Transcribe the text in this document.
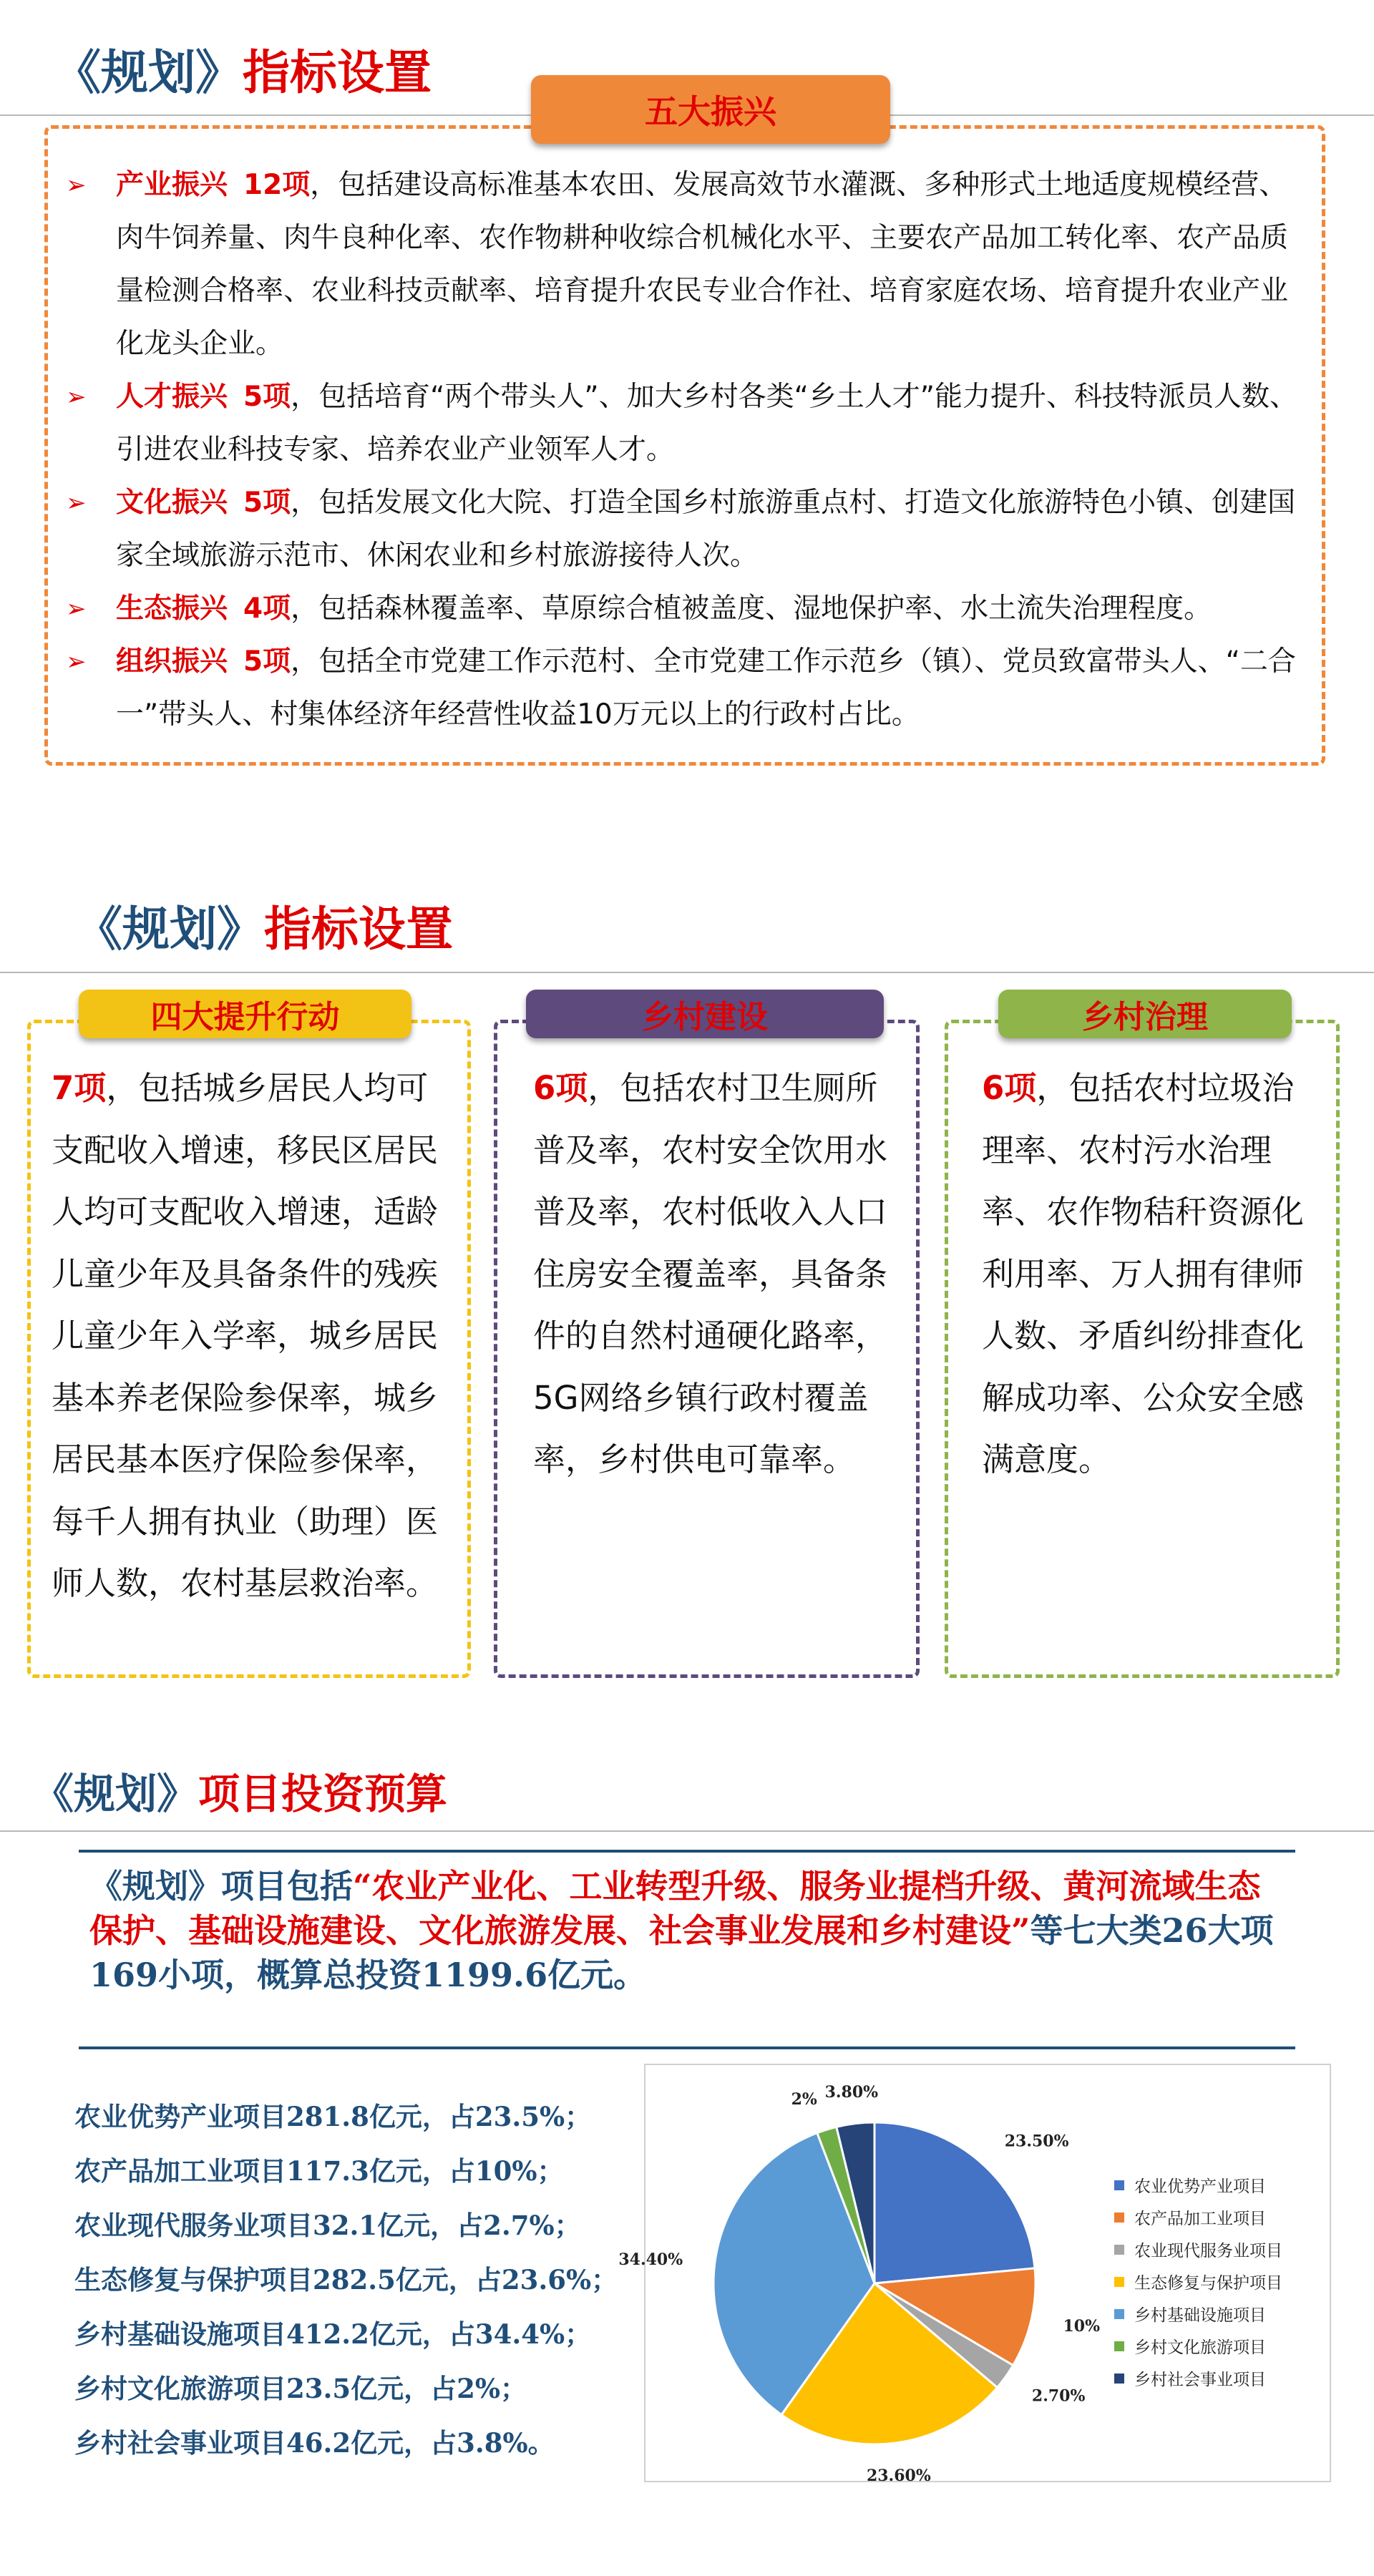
《规划》指标设置
五大振兴
➢ 产业振兴 12项，包括建设高标准基本农田、发展高效节水灌溉、多种形式土地适度规模经营、肉牛饲养量、肉牛良种化率、农作物耕种收综合机械化水平、主要农产品加工转化率、农产品质量检测合格率、农业科技贡献率、培育提升农民专业合作社、培育家庭农场、培育提升农业产业化龙头企业。
➢ 人才振兴 5项，包括培育“两个带头人”、加大乡村各类“乡土人才”能力提升、科技特派员人数、引进农业科技专家、培养农业产业领军人才。
➢ 文化振兴 5项，包括发展文化大院、打造全国乡村旅游重点村、打造文化旅游特色小镇、创建国家全域旅游示范市、休闲农业和乡村旅游接待人次。
➢ 生态振兴 4项，包括森林覆盖率、草原综合植被盖度、湿地保护率、水土流失治理程度。
➢ 组织振兴 5项，包括全市党建工作示范村、全市党建工作示范乡（镇）、党员致富带头人、“二合一”带头人、村集体经济年经营性收益10万元以上的行政村占比。
《规划》指标设置
四大提升行动
7项，包括城乡居民人均可支配收入增速，移民区居民人均可支配收入增速，适龄儿童少年及具备条件的残疾儿童少年入学率，城乡居民基本养老保险参保率，城乡居民基本医疗保险参保率，每千人拥有执业（助理）医师人数，农村基层救治率。
乡村建设
6项，包括农村卫生厕所普及率，农村安全饮用水普及率，农村低收入人口住房安全覆盖率，具备条件的自然村通硬化路率，5G网络乡镇行政村覆盖率，乡村供电可靠率。
乡村治理
6项，包括农村垃圾治理率、农村污水治理率、农作物秸秆资源化利用率、万人拥有律师人数、矛盾纠纷排查化解成功率、公众安全感满意度。
《规划》项目投资预算
《规划》项目包括“农业产业化、工业转型升级、服务业提档升级、黄河流域生态保护、基础设施建设、文化旅游发展、社会事业发展和乡村建设”等七大类26大项169小项，概算总投资1199.6亿元。
农业优势产业项目281.8亿元，占23.5%；
农产品加工业项目117.3亿元，占10%；
农业现代服务业项目32.1亿元，占2.7%；
生态修复与保护项目282.5亿元，占23.6%；
乡村基础设施项目412.2亿元，占34.4%；
乡村文化旅游项目23.5亿元，占2%；
乡村社会事业项目46.2亿元，占3.8%。
23.50%
10%
2.70%
23.60%
34.40%
2% 3.80%
农业优势产业项目
农产品加工业项目
农业现代服务业项目
生态修复与保护项目
乡村基础设施项目
乡村文化旅游项目
乡村社会事业项目
